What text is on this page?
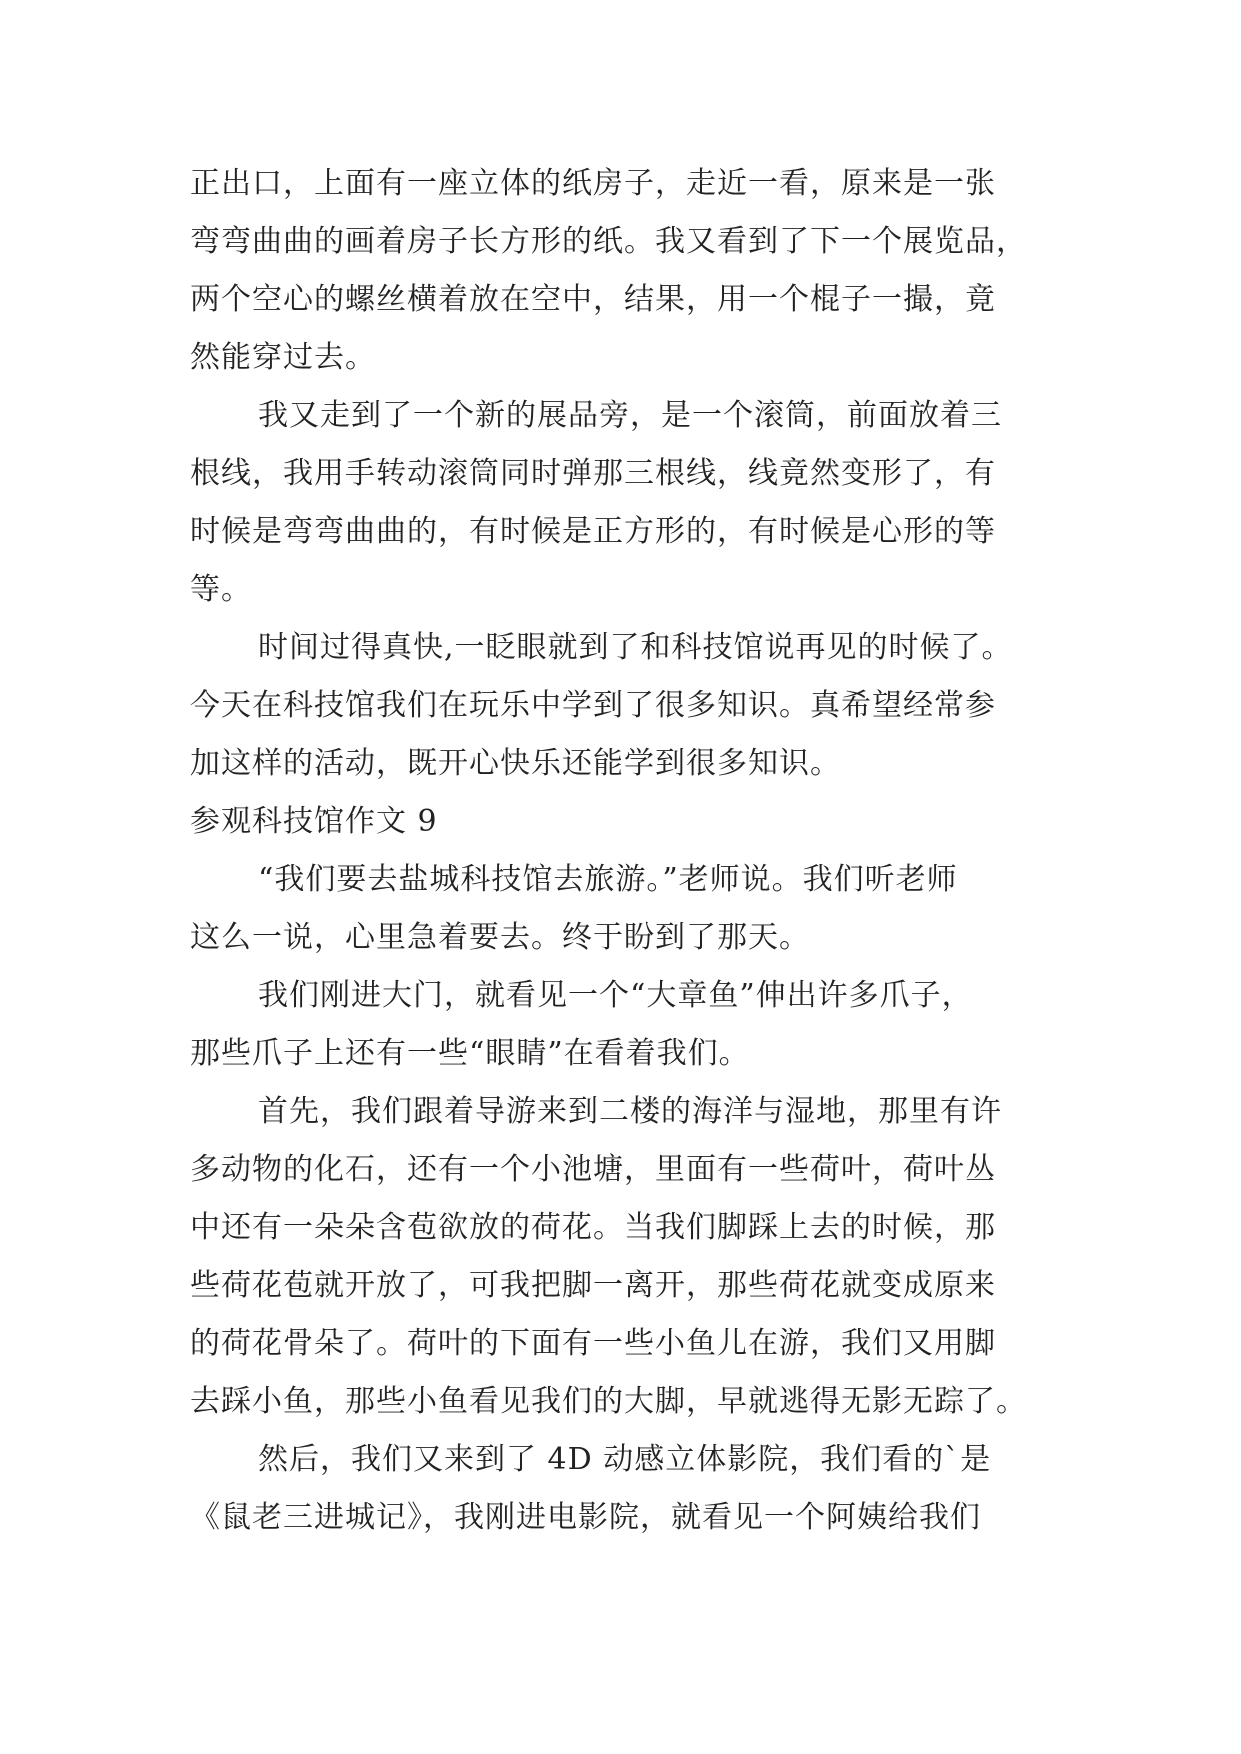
正出口，上面有一座立体的纸房子，走近一看，原来是一张
弯弯曲曲的画着房子长方形的纸。我又看到了下一个展览品，
两个空心的螺丝横着放在空中，结果，用一个棍子一撮，竟
然能穿过去。
我又走到了一个新的展品旁，是一个滚筒，前面放着三
根线，我用手转动滚筒同时弹那三根线，线竟然变形了，有
时候是弯弯曲曲的，有时候是正方形的，有时候是心形的等
等。
时间过得真快,一眨眼就到了和科技馆说再见的时候了。
今天在科技馆我们在玩乐中学到了很多知识。真希望经常参
加这样的活动，既开心快乐还能学到很多知识。
参观科技馆作文 9
“我们要去盐城科技馆去旅游。”老师说。我们听老师
这么一说，心里急着要去。终于盼到了那天。
我们刚进大门，就看见一个“大章鱼”伸出许多爪子，
那些爪子上还有一些“眼睛”在看着我们。
首先，我们跟着导游来到二楼的海洋与湿地，那里有许
多动物的化石，还有一个小池塘，里面有一些荷叶，荷叶丛
中还有一朵朵含苞欲放的荷花。当我们脚踩上去的时候，那
些荷花苞就开放了，可我把脚一离开，那些荷花就变成原来
的荷花骨朵了。荷叶的下面有一些小鱼儿在游，我们又用脚
去踩小鱼，那些小鱼看见我们的大脚，早就逃得无影无踪了。
然后，我们又来到了 4D 动感立体影院，我们看的`是
《鼠老三进城记》，我刚进电影院，就看见一个阿姨给我们
